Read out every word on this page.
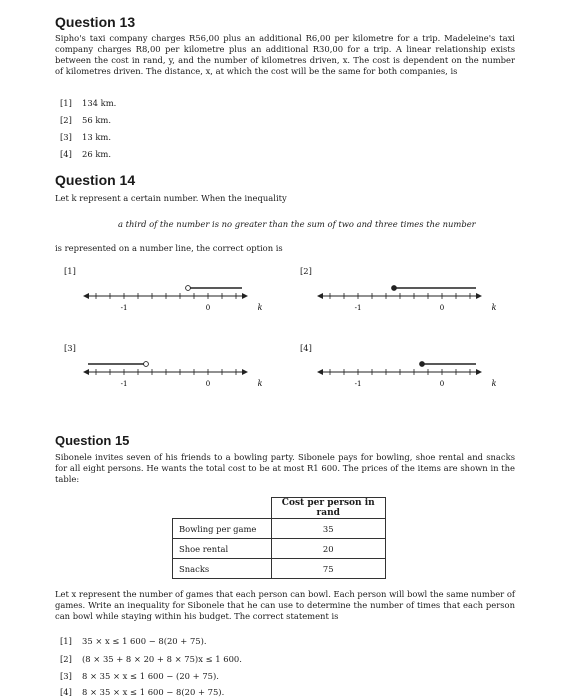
Question 13
Sipho's taxi company charges R56,00 plus an additional R6,00 per kilometre for a trip. Madeleine's taxi company charges R8,00 per kilometre plus an additional R30,00 for a trip. A linear relationship exists between the cost in rand, y, and the number of kilometres driven, x. The cost is dependent on the number of kilometres driven. The distance, x, at which the cost will be the same for both companies, is
[1] 134 km.
[2] 56 km.
[3] 13 km.
[4] 26 km.
Question 14
Let k represent a certain number. When the inequality
a third of the number is no greater than the sum of two and three times the number
is represented on a number line, the correct option is
[1]	[2]
[3]	[4]
-1	0	k	-1	0	k
-1	0	k	-1	0	k
Question 15
Sibonele invites seven of his friends to a bowling party. Sibonele pays for bowling, shoe rental and snacks for all eight persons. He wants the total cost to be at most R1 600. The prices of the items are shown in the table:
	Cost per person in rand
Bowling per game	35
Shoe rental	20
Snacks	75
Let x represent the number of games that each person can bowl. Each person will bowl the same number of games. Write an inequality for Sibonele that he can use to determine the number of times that each person can bowl while staying within his budget. The correct statement is
[1] 35 × x ≤ 1 600 − 8(20 + 75).
[2] (8 × 35 + 8 × 20 + 8 × 75)x ≤ 1 600.
[3] 8 × 35 × x ≤ 1 600 − (20 + 75).
[4] 8 × 35 × x ≤ 1 600 − 8(20 + 75).
